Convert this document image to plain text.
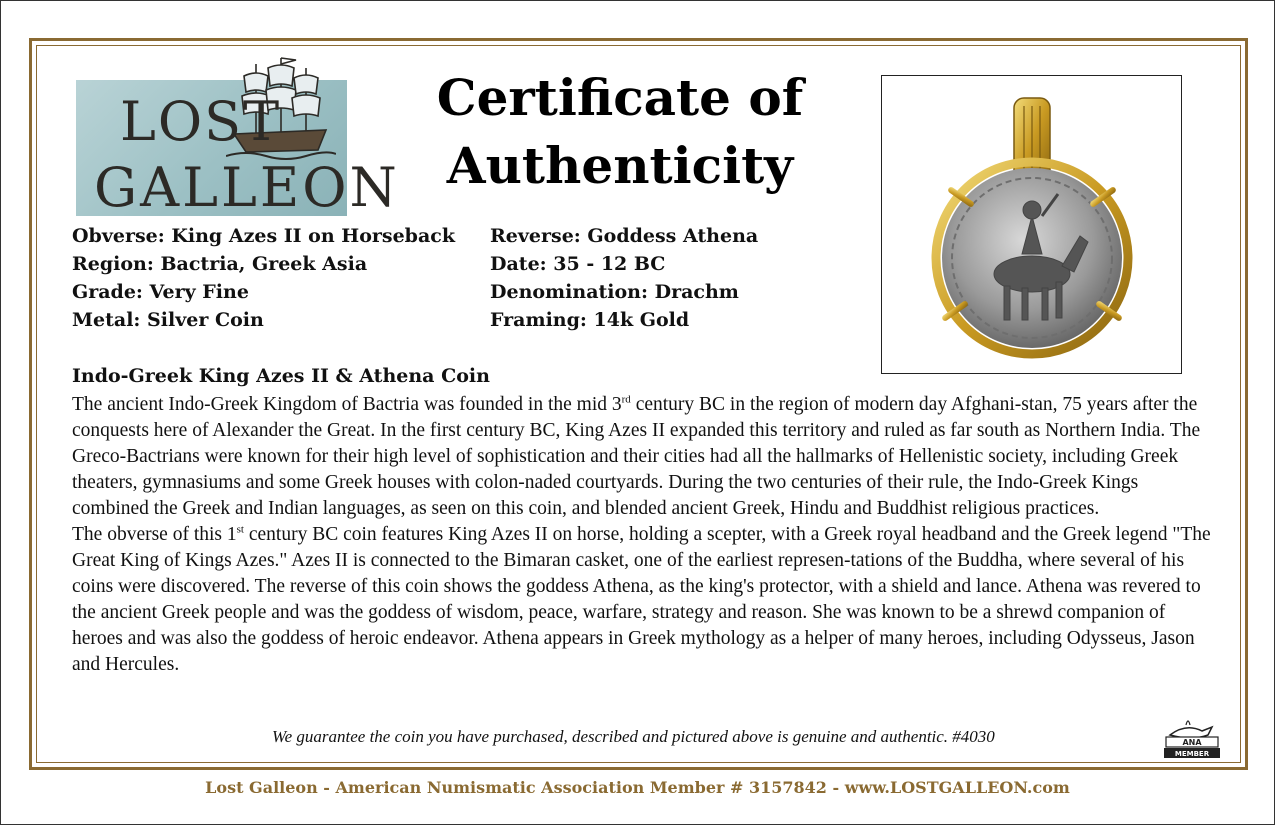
LOST
GALLEON
Certificate of
Authenticity
Obverse: King Azes II on Horseback
Region: Bactria, Greek Asia
Grade: Very Fine
Metal: Silver Coin
Reverse: Goddess Athena
Date: 35 - 12 BC
Denomination: Drachm
Framing: 14k Gold
Indo-Greek King Azes II & Athena Coin

The ancient Indo-Greek Kingdom of Bactria was founded in the mid 3rd century BC in the region of modern day Afghani-stan, 75 years after the conquests here of Alexander the Great. In the first century BC, King Azes II expanded this territory and ruled as far south as Northern India. The Greco-Bactrians were known for their high level of sophistication and their cities had all the hallmarks of Hellenistic society, including Greek theaters, gymnasiums and some Greek houses with colon-naded courtyards. During the two centuries of their rule, the Indo-Greek Kings combined the Greek and Indian languages, as seen on this coin, and blended ancient Greek, Hindu and Buddhist religious practices.

The obverse of this 1st century BC coin features King Azes II on horse, holding a scepter, with a Greek royal headband and the Greek legend "The Great King of Kings Azes." Azes II is connected to the Bimaran casket, one of the earliest represen-tations of the Buddha, where several of his coins were discovered. The reverse of this coin shows the goddess Athena, as the king's protector, with a shield and lance. Athena was revered to the ancient Greek people and was the goddess of wisdom, peace, warfare, strategy and reason. She was known to be a shrewd companion of heroes and was also the goddess of heroic endeavor. Athena appears in Greek mythology as a helper of many heroes, including Odysseus, Jason and Hercules.

We guarantee the coin you have purchased, described and pictured above is genuine and authentic. #4030	ANA
MEMBER
Lost Galleon - American Numismatic Association Member # 3157842 - www.LOSTGALLEON.com
